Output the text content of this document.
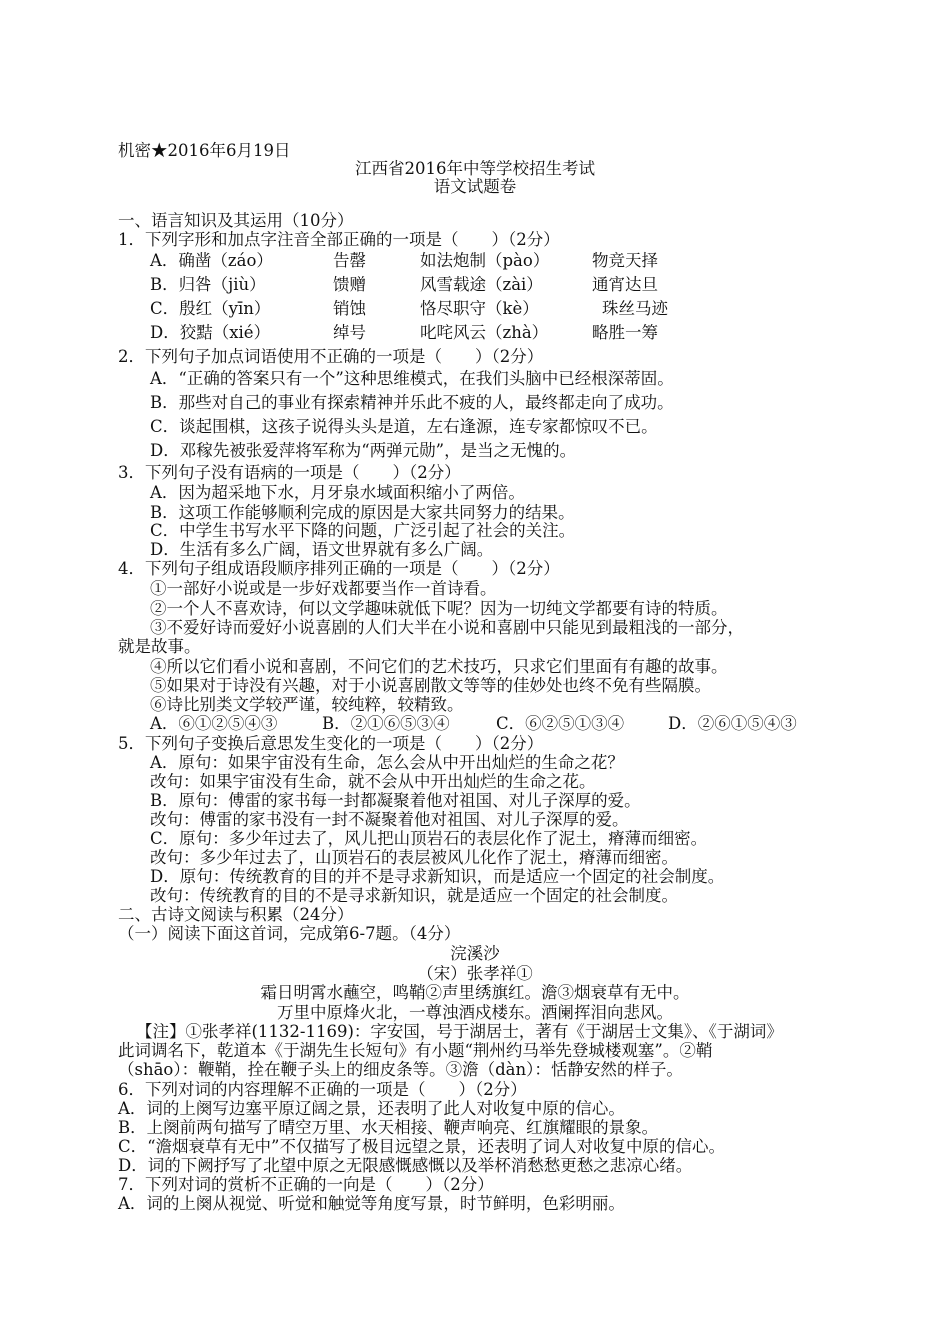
机密★2016年6月19日
江西省2016年中等学校招生考试
语文试题卷
一、语言知识及其运用（10分）
1．下列字形和加点字注音全部正确的一项是（　　）（2分）
A．确凿（záo）	告罄	如法炮制（pào）	物竞天择
B．归咎（jiù）	馈赠	风雪载途（zài）	通宵达旦
C．殷红（yīn）	销蚀	恪尽职守（kè）	珠丝马迹
D．狡黠（xié）	绰号	叱咤风云（zhà）	略胜一筹
2．下列句子加点词语使用不正确的一项是（　　）（2分）
A．“正确的答案只有一个”这种思维模式，在我们头脑中已经根深蒂固。
B．那些对自己的事业有探索精神并乐此不疲的人，最终都走向了成功。
C．谈起围棋，这孩子说得头头是道，左右逢源，连专家都惊叹不已。
D．邓稼先被张爱萍将军称为“两弹元勋”，是当之无愧的。
3．下列句子没有语病的一项是（　　）（2分）
A．因为超采地下水，月牙泉水域面积缩小了两倍。
B．这项工作能够顺利完成的原因是大家共同努力的结果。
C．中学生书写水平下降的问题，广泛引起了社会的关注。
D．生活有多么广阔，语文世界就有多么广阔。
4．下列句子组成语段顺序排列正确的一项是（　　）（2分）
①一部好小说或是一步好戏都要当作一首诗看。
②一个人不喜欢诗，何以文学趣味就低下呢？因为一切纯文学都要有诗的特质。
③不爱好诗而爱好小说喜剧的人们大半在小说和喜剧中只能见到最粗浅的一部分，
就是故事。
④所以它们看小说和喜剧，不问它们的艺术技巧，只求它们里面有有趣的故事。
⑤如果对于诗没有兴趣，对于小说喜剧散文等等的佳妙处也终不免有些隔膜。
⑥诗比别类文学较严谨，较纯粹，较精致。
A．⑥①②⑤④③	B．②①⑥⑤③④	C．⑥②⑤①③④	D．②⑥①⑤④③
5．下列句子变换后意思发生变化的一项是（　　）（2分）
A．原句：如果宇宙没有生命，怎么会从中开出灿烂的生命之花？
改句：如果宇宙没有生命，就不会从中开出灿烂的生命之花。
B．原句：傅雷的家书每一封都凝聚着他对祖国、对儿子深厚的爱。
改句：傅雷的家书没有一封不凝聚着他对祖国、对儿子深厚的爱。
C．原句：多少年过去了，风儿把山顶岩石的表层化作了泥土，瘠薄而细密。
改句：多少年过去了，山顶岩石的表层被风儿化作了泥土，瘠薄而细密。
D．原句：传统教育的目的并不是寻求新知识，而是适应一个固定的社会制度。
改句：传统教育的目的不是寻求新知识，就是适应一个固定的社会制度。
二、古诗文阅读与积累（24分）
（一）阅读下面这首词，完成第6-7题。（4分）
浣溪沙
（宋）张孝祥①
霜日明霄水蘸空，鸣鞘②声里绣旗红。澹③烟衰草有无中。
万里中原烽火北，一尊浊酒戍楼东。酒阑挥泪向悲风。
【注】①张孝祥(1132-1169)：字安国，号于湖居士，著有《于湖居士文集》、《于湖词》
此词调名下，乾道本《于湖先生长短句》有小题“荆州约马举先登城楼观塞”。②鞘
（shāo）：鞭鞘，拴在鞭子头上的细皮条等。③澹（dàn）：恬静安然的样子。
6．下列对词的内容理解不正确的一项是（　　）（2分）
A．词的上阕写边塞平原辽阔之景，还表明了此人对收复中原的信心。
B．上阕前两句描写了晴空万里、水天相接、鞭声响亮、红旗耀眼的景象。
C．“澹烟衰草有无中”不仅描写了极目远望之景，还表明了词人对收复中原的信心。
D．词的下阙抒写了北望中原之无限感慨感慨以及举杯消愁愁更愁之悲凉心绪。
7．下列对词的赏析不正确的一向是（　　）（2分）
A．词的上阕从视觉、听觉和触觉等角度写景，时节鲜明，色彩明丽。
